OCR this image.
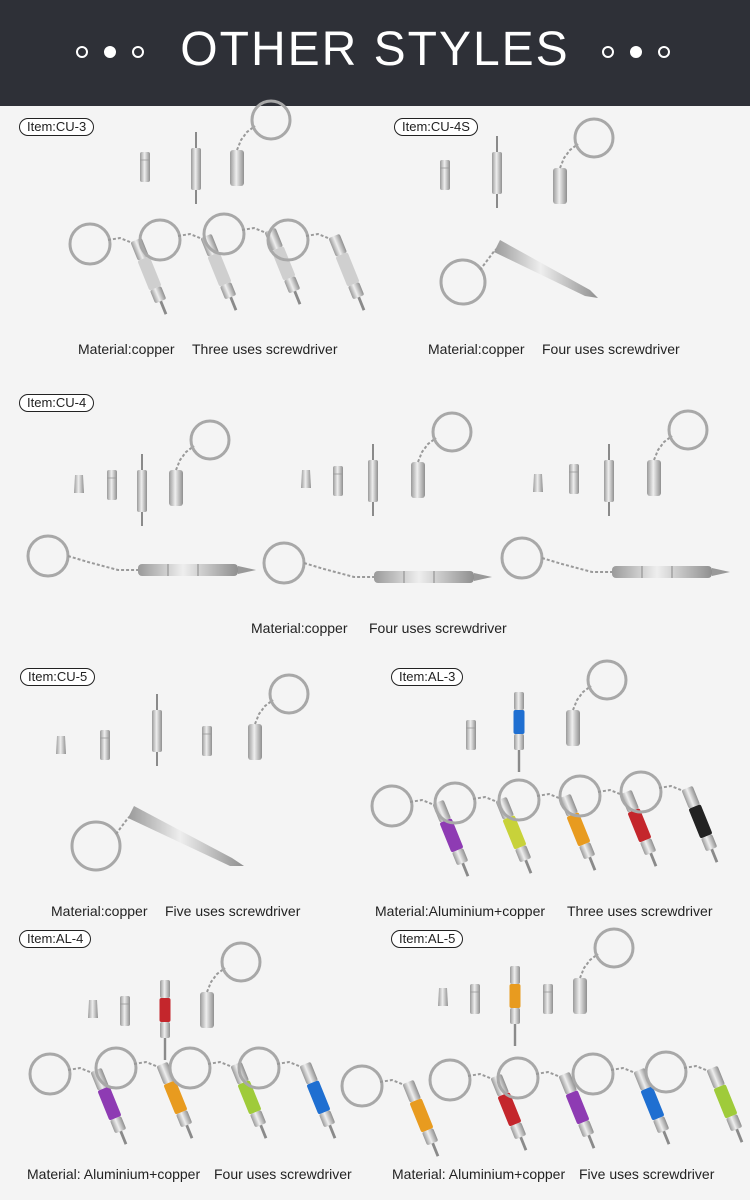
OTHER STYLES
Item:CU-3
Material:copper Three uses screwdriver
Item:CU-4S
Material:copper Four uses screwdriver
Item:CU-4
Material:copper Four uses screwdriver
Item:CU-5
Material:copper Five uses screwdriver
Item:AL-3
Material:Aluminium+copper Three uses screwdriver
Item:AL-4
Material: Aluminium+copper Four uses screwdriver
Item:AL-5
Material: Aluminium+copper Five uses screwdriver
